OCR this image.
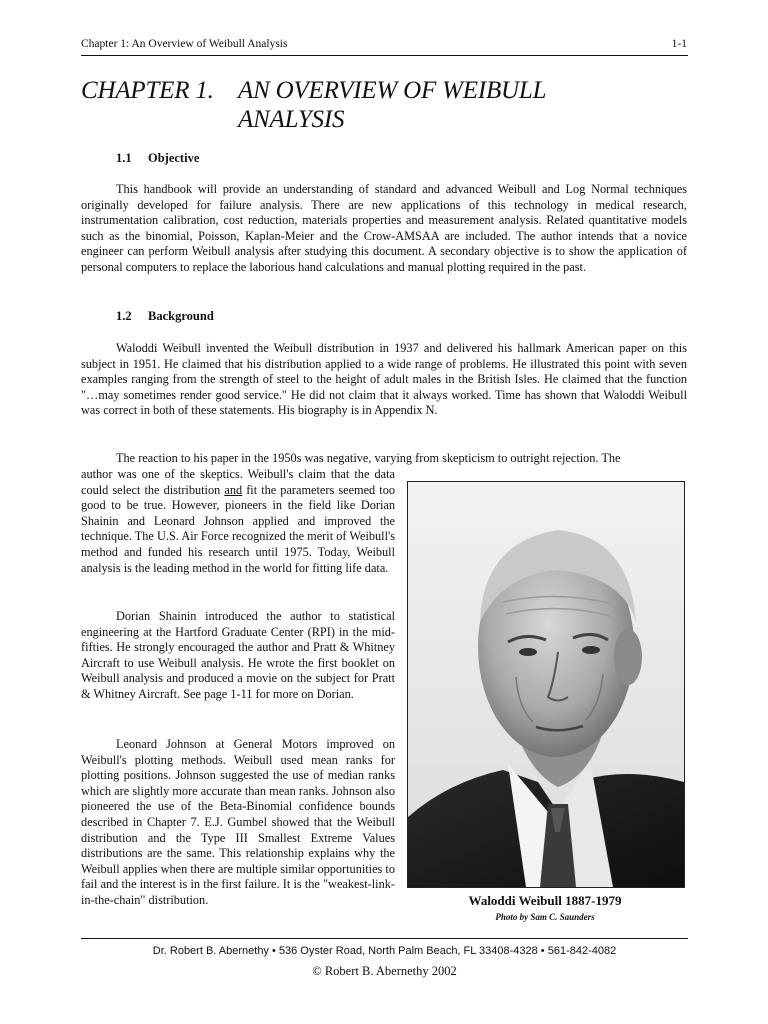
Chapter 1: An Overview of Weibull Analysis	1-1
CHAPTER 1. AN OVERVIEW OF WEIBULL
ANALYSIS
1.1 Objective

This handbook will provide an understanding of standard and advanced Weibull and Log Normal techniques originally developed for failure analysis. There are new applications of this technology in medical research, instrumentation calibration, cost reduction, materials properties and measurement analysis. Related quantitative models such as the binomial, Poisson, Kaplan-Meier and the Crow-AMSAA are included. The author intends that a novice engineer can perform Weibull analysis after studying this document. A secondary objective is to show the application of personal computers to replace the laborious hand calculations and manual plotting required in the past.

1.2 Background

Waloddi Weibull invented the Weibull distribution in 1937 and delivered his hallmark American paper on this subject in 1951. He claimed that his distribution applied to a wide range of problems. He illustrated this point with seven examples ranging from the strength of steel to the height of adult males in the British Isles. He claimed that the function "…may sometimes render good service." He did not claim that it always worked. Time has shown that Waloddi Weibull was correct in both of these statements. His biography is in Appendix N.

The reaction to his paper in the 1950s was negative, varying from skepticism to outright rejection. The

author was one of the skeptics. Weibull's claim that the data could select the distribution and fit the parameters seemed too good to be true. However, pioneers in the field like Dorian Shainin and Leonard Johnson applied and improved the technique. The U.S. Air Force recognized the merit of Weibull's method and funded his research until 1975. Today, Weibull analysis is the leading method in the world for fitting life data.

Dorian Shainin introduced the author to statistical engineering at the Hartford Graduate Center (RPI) in the mid-fifties. He strongly encouraged the author and Pratt & Whitney Aircraft to use Weibull analysis. He wrote the first booklet on Weibull analysis and produced a movie on the subject for Pratt & Whitney Aircraft. See page 1-11 for more on Dorian.

Leonard Johnson at General Motors improved on Weibull's plotting methods. Weibull used mean ranks for plotting positions. Johnson suggested the use of median ranks which are slightly more accurate than mean ranks. Johnson also pioneered the use of the Beta-Binomial confidence bounds described in Chapter 7. E.J. Gumbel showed that the Weibull distribution and the Type III Smallest Extreme Values distributions are the same. This relationship explains why the Weibull applies when there are multiple similar opportunities to fail and the interest is in the first failure. It is the "weakest-link-in-the-chain" distribution.	Waloddi Weibull 1887-1979
Photo by Sam C. Saunders
Dr. Robert B. Abernethy • 536 Oyster Road, North Palm Beach, FL 33408-4328 • 561-842-4082
© Robert B. Abernethy 2002
